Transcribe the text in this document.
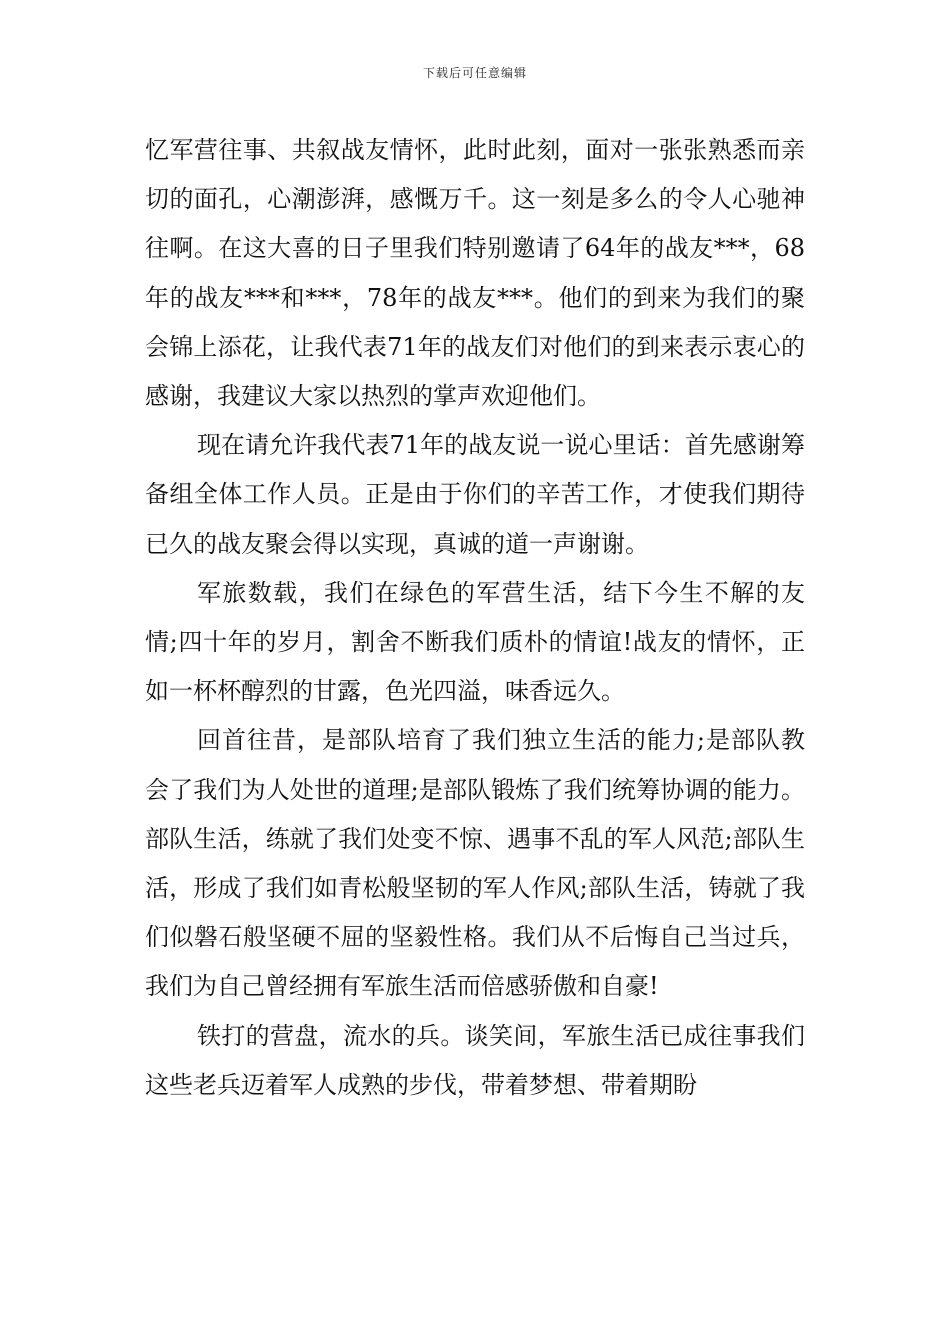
下载后可任意编辑

忆军营往事、共叙战友情怀，此时此刻，面对一张张熟悉而亲切的面孔，心潮澎湃，感慨万千。这一刻是多么的令人心驰神往啊。在这大喜的日子里我们特别邀请了64年的战友***，68年的战友***和***，78年的战友***。他们的到来为我们的聚会锦上添花，让我代表71年的战友们对他们的到来表示衷心的感谢，我建议大家以热烈的掌声欢迎他们。

现在请允许我代表71年的战友说一说心里话：首先感谢筹备组全体工作人员。正是由于你们的辛苦工作，才使我们期待已久的战友聚会得以实现，真诚的道一声谢谢。

军旅数载，我们在绿色的军营生活，结下今生不解的友情;四十年的岁月，割舍不断我们质朴的情谊!战友的情怀，正如一杯杯醇烈的甘露，色光四溢，味香远久。

回首往昔，是部队培育了我们独立生活的能力;是部队教会了我们为人处世的道理;是部队锻炼了我们统筹协调的能力。部队生活，练就了我们处变不惊、遇事不乱的军人风范;部队生活，形成了我们如青松般坚韧的军人作风;部队生活，铸就了我们似磐石般坚硬不屈的坚毅性格。我们从不后悔自己当过兵，我们为自己曾经拥有军旅生活而倍感骄傲和自豪!

铁打的营盘，流水的兵。谈笑间，军旅生活已成往事我们这些老兵迈着军人成熟的步伐，带着梦想、带着期盼
